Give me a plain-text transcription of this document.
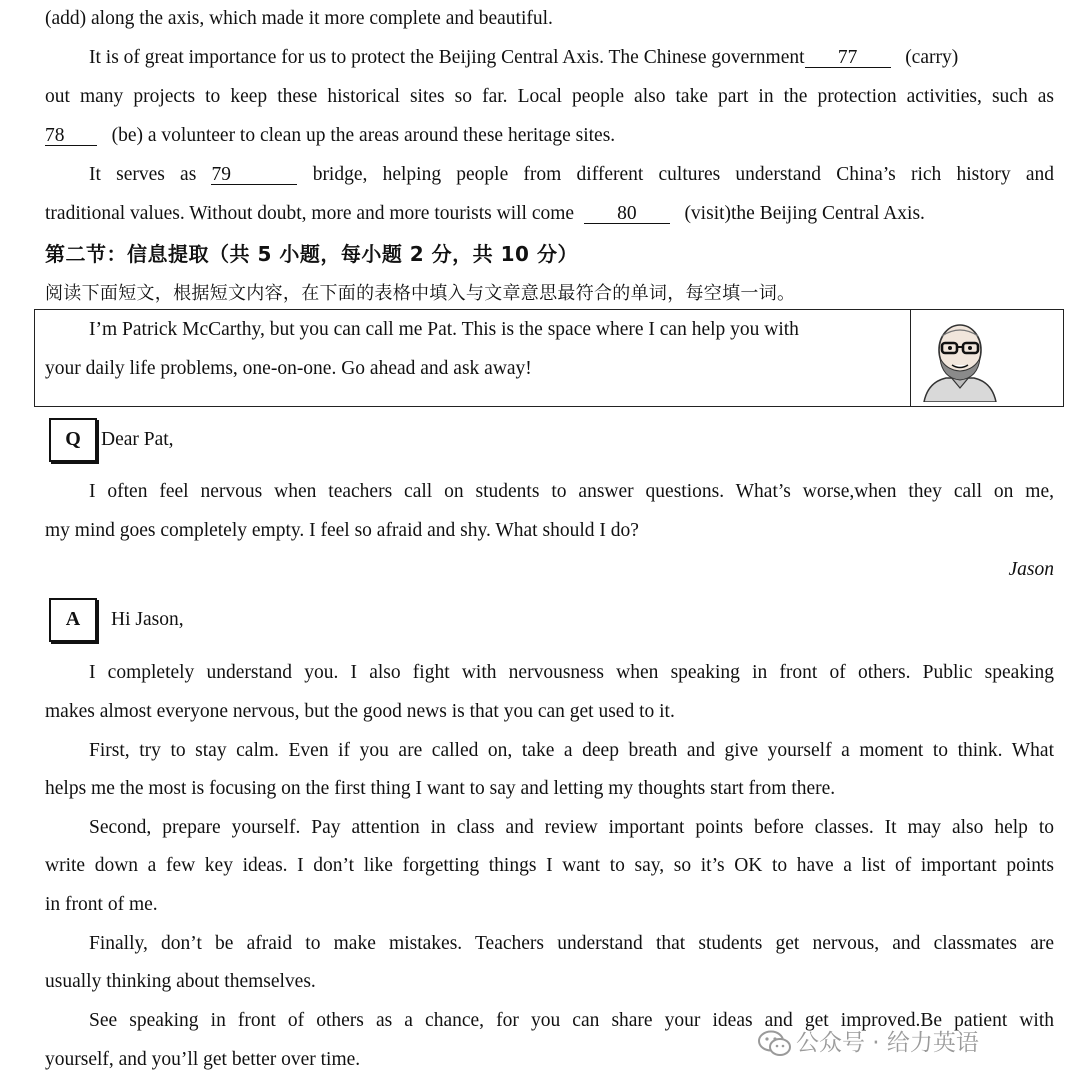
(add) along the axis, which made it more complete and beautiful.
It is of great importance for us to protect the Beijing Central Axis. The Chinese government 77 (carry)
out many projects to keep these historical sites so far. Local people also take part in the protection activities, such as
78 (be) a volunteer to clean up the areas around these heritage sites.
It serves as 79	bridge, helping people from different cultures understand China’s rich history and
traditional values. Without doubt, more and more tourists will come 80 (visit)the Beijing Central Axis.
第二节：信息提取（共 5 小题，每小题 2 分，共 10 分）
阅读下面短文，根据短文内容，在下面的表格中填入与文章意思最符合的单词，每空填一词。
I’m Patrick McCarthy, but you can call me Pat. This is the space where I can help you with
your daily life problems, one-on-one. Go ahead and ask away!
Q	Dear Pat,
I often feel nervous when teachers call on students to answer questions. What’s worse,when they call on me,
my mind goes completely empty. I feel so afraid and shy. What should I do?
Jason
A	Hi Jason,
I completely understand you. I also fight with nervousness when speaking in front of others. Public speaking
makes almost everyone nervous, but the good news is that you can get used to it.
First, try to stay calm. Even if you are called on, take a deep breath and give yourself a moment to think. What
helps me the most is focusing on the first thing I want to say and letting my thoughts start from there.
Second, prepare yourself. Pay attention in class and review important points before classes. It may also help to
write down a few key ideas. I don’t like forgetting things I want to say, so it’s OK to have a list of important points
in front of me.
Finally, don’t be afraid to make mistakes. Teachers understand that students get nervous, and classmates are
usually thinking about themselves.
See speaking in front of others as a chance, for you can share your ideas and get improved.Be patient with
yourself, and you’ll get better over time.
公众号 · 给力英语
